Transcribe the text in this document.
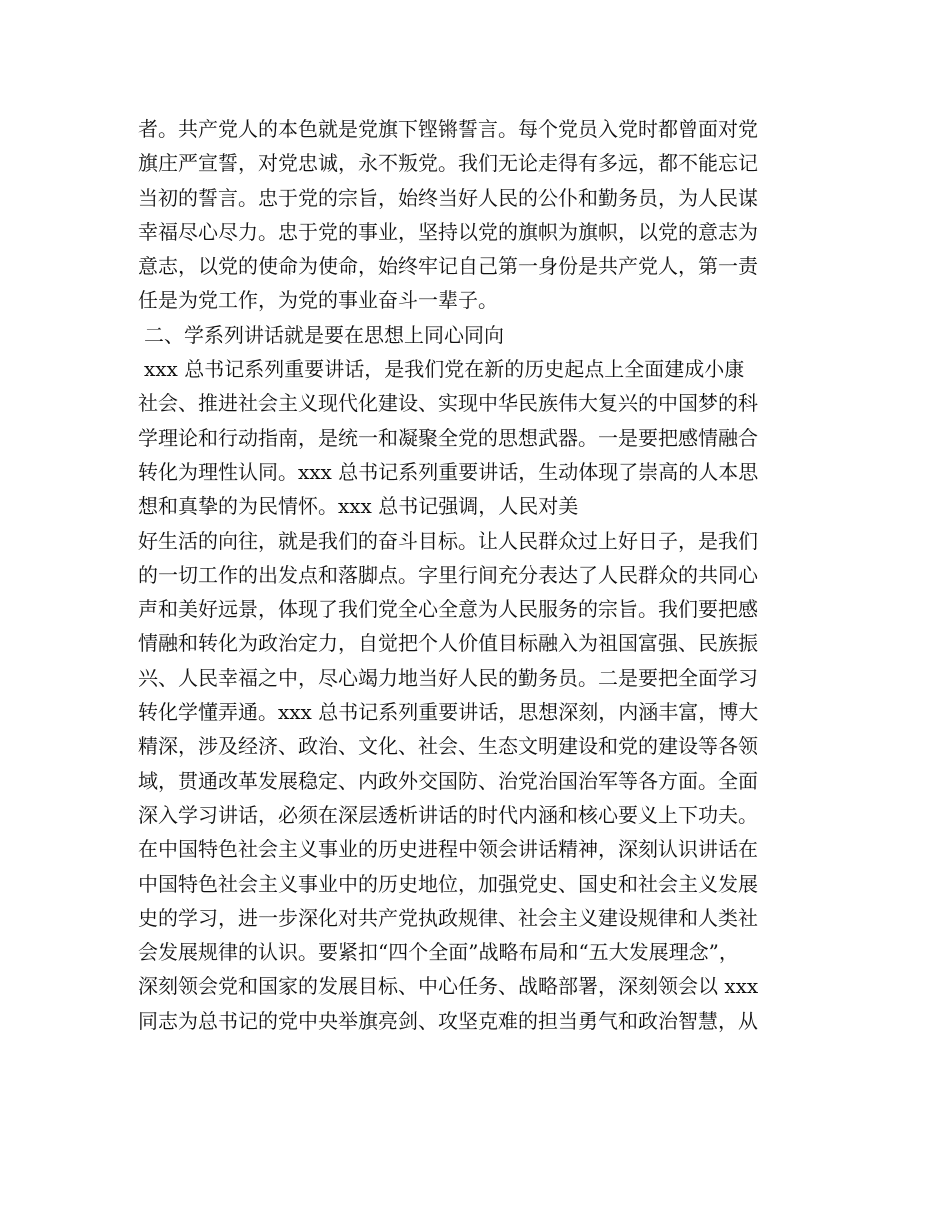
者。共产党人的本色就是党旗下铿锵誓言。每个党员入党时都曾面对党
旗庄严宣誓，对党忠诚，永不叛党。我们无论走得有多远，都不能忘记
当初的誓言。忠于党的宗旨，始终当好人民的公仆和勤务员，为人民谋
幸福尽心尽力。忠于党的事业，坚持以党的旗帜为旗帜，以党的意志为
意志，以党的使命为使命，始终牢记自己第一身份是共产党人，第一责
任是为党工作，为党的事业奋斗一辈子。
二、学系列讲话就是要在思想上同心同向
xxx 总书记系列重要讲话，是我们党在新的历史起点上全面建成小康
社会、推进社会主义现代化建设、实现中华民族伟大复兴的中国梦的科
学理论和行动指南，是统一和凝聚全党的思想武器。一是要把感情融合
转化为理性认同。xxx 总书记系列重要讲话，生动体现了崇高的人本思
想和真挚的为民情怀。xxx 总书记强调，人民对美
好生活的向往，就是我们的奋斗目标。让人民群众过上好日子，是我们
的一切工作的出发点和落脚点。字里行间充分表达了人民群众的共同心
声和美好远景，体现了我们党全心全意为人民服务的宗旨。我们要把感
情融和转化为政治定力，自觉把个人价值目标融入为祖国富强、民族振
兴、人民幸福之中，尽心竭力地当好人民的勤务员。二是要把全面学习
转化学懂弄通。xxx 总书记系列重要讲话，思想深刻，内涵丰富，博大
精深，涉及经济、政治、文化、社会、生态文明建设和党的建设等各领
域，贯通改革发展稳定、内政外交国防、治党治国治军等各方面。全面
深入学习讲话，必须在深层透析讲话的时代内涵和核心要义上下功夫。
在中国特色社会主义事业的历史进程中领会讲话精神，深刻认识讲话在
中国特色社会主义事业中的历史地位，加强党史、国史和社会主义发展
史的学习，进一步深化对共产党执政规律、社会主义建设规律和人类社
会发展规律的认识。要紧扣“四个全面”战略布局和“五大发展理念”，
深刻领会党和国家的发展目标、中心任务、战略部署，深刻领会以 xxx
同志为总书记的党中央举旗亮剑、攻坚克难的担当勇气和政治智慧，从
